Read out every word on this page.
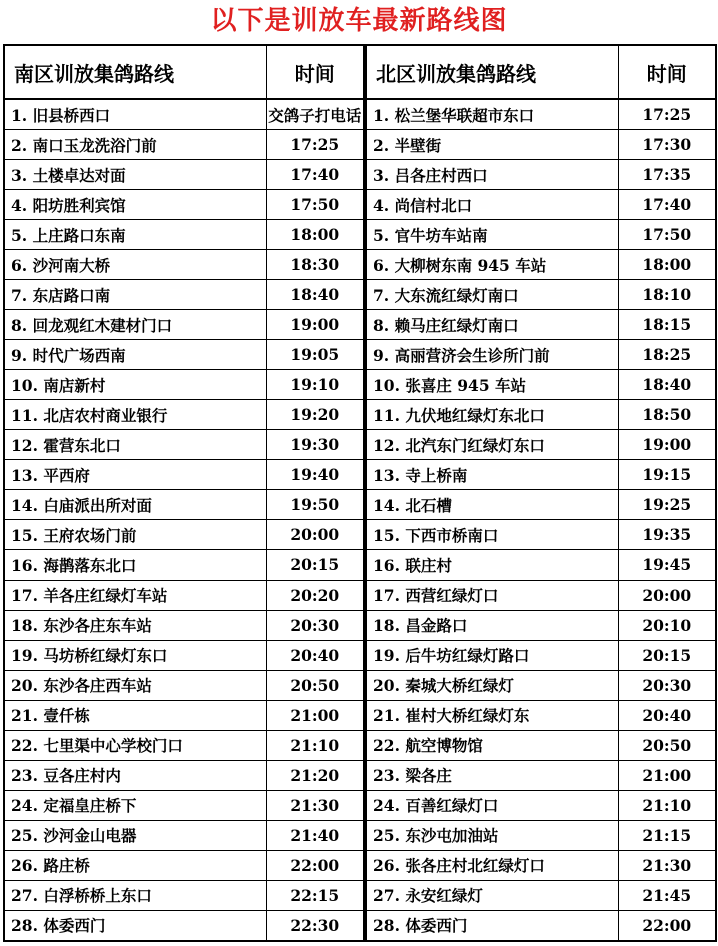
以下是训放车最新路线图
南区训放集鸽路线	时间
1. 旧县桥西口	交鸽子打电话
2. 南口玉龙洗浴门前	17:25
3. 土楼卓达对面	17:40
4. 阳坊胜利宾馆	17:50
5. 上庄路口东南	18:00
6. 沙河南大桥	18:30
7. 东店路口南	18:40
8. 回龙观红木建材门口	19:00
9. 时代广场西南	19:05
10. 南店新村	19:10
11. 北店农村商业银行	19:20
12. 霍营东北口	19:30
13. 平西府	19:40
14. 白庙派出所对面	19:50
15. 王府农场门前	20:00
16. 海鹊落东北口	20:15
17. 羊各庄红绿灯车站	20:20
18. 东沙各庄东车站	20:30
19. 马坊桥红绿灯东口	20:40
20. 东沙各庄西车站	20:50
21. 壹仟栋	21:00
22. 七里渠中心学校门口	21:10
23. 豆各庄村内	21:20
24. 定福皇庄桥下	21:30
25. 沙河金山电器	21:40
26. 路庄桥	22:00
27. 白浮桥桥上东口	22:15
28. 体委西门	22:30
北区训放集鸽路线	时间
1. 松兰堡华联超市东口	17:25
2. 半壁街	17:30
3. 吕各庄村西口	17:35
4. 尚信村北口	17:40
5. 官牛坊车站南	17:50
6. 大柳树东南 945 车站	18:00
7. 大东流红绿灯南口	18:10
8. 赖马庄红绿灯南口	18:15
9. 高丽营济会生诊所门前	18:25
10. 张喜庄 945 车站	18:40
11. 九伏地红绿灯东北口	18:50
12. 北汽东门红绿灯东口	19:00
13. 寺上桥南	19:15
14. 北石槽	19:25
15. 下西市桥南口	19:35
16. 联庄村	19:45
17. 西营红绿灯口	20:00
18. 昌金路口	20:10
19. 后牛坊红绿灯路口	20:15
20. 秦城大桥红绿灯	20:30
21. 崔村大桥红绿灯东	20:40
22. 航空博物馆	20:50
23. 梁各庄	21:00
24. 百善红绿灯口	21:10
25. 东沙屯加油站	21:15
26. 张各庄村北红绿灯口	21:30
27. 永安红绿灯	21:45
28. 体委西门	22:00
